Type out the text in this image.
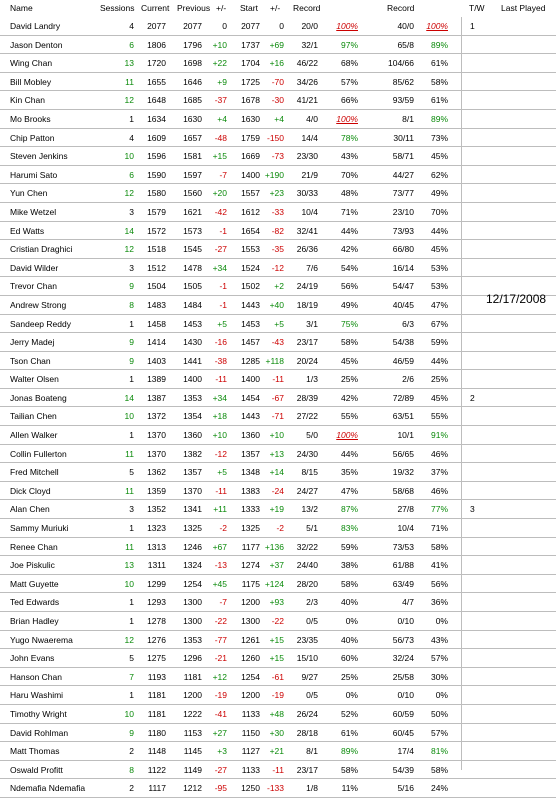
Name	Sessions Current Previous +/- Start +/- Record	Record	T/W Last Played
David Landry	4	2077	2077	0	2077	0	20/0	100%	40/0	100%	1
Jason Denton	6	1806	1796	+10	1737	+69	32/1	97%	65/8	89%
Wing Chan	13	1720	1698	+22	1704	+16	46/22	68%	104/66	61%
Bill Mobley	11	1655	1646	+9	1725	-70	34/26	57%	85/62	58%
Kin Chan	12	1648	1685	-37	1678	-30	41/21	66%	93/59	61%
Mo Brooks	1	1634	1630	+4	1630	+4	4/0	100%	8/1	89%
Chip Patton	4	1609	1657	-48	1759 -150	14/4	78%	30/11	73%
Steven Jenkins	10	1596	1581	+15	1669	-73	23/30	43%	58/71	45%
Harumi Sato	6	1590	1597	-7	1400 +190	21/9	70%	44/27	62%
Yun Chen	12	1580	1560	+20	1557	+23	30/33	48%	73/77	49%
Mike Wetzel	3	1579	1621	-42	1612	-33	10/4	71%	23/10	70%
Ed Watts	14	1572	1573	-1	1654	-82	32/41	44%	73/93	44%
Cristian Draghici	12	1518	1545	-27	1553	-35	26/36	42%	66/80	45%
David Wilder	3	1512	1478	+34	1524	-12	7/6	54%	16/14	53%
Trevor Chan	9	1504	1505	-1	1502	+2	24/19	56%	54/47	53%
Andrew Strong	8	1483	1484	-1	1443	+40	18/19	49%	40/45	47%
Sandeep Reddy	1	1458	1453	+5	1453	+5	3/1	75%	6/3	67%
Jerry Madej	9	1414	1430	-16	1457	-43	23/17	58%	54/38	59%
Tson Chan	9	1403	1441	-38	1285 +118	20/24	45%	46/59	44%
Walter Olsen	1	1389	1400	-11	1400	-11	1/3	25%	2/6	25%
Jonas Boateng	14	1387	1353	+34	1454	-67	28/39	42%	72/89	45%	2
Tailian Chen	10	1372	1354	+18	1443	-71	27/22	55%	63/51	55%
Allen Walker	1	1370	1360	+10	1360	+10	5/0	100%	10/1	91%
Collin Fullerton	11	1370	1382	-12	1357	+13	24/30	44%	56/65	46%
Fred Mitchell	5	1362	1357	+5	1348	+14	8/15	35%	19/32	37%
Dick Cloyd	11	1359	1370	-11	1383	-24	24/27	47%	58/68	46%
Alan Chen	3	1352	1341	+11	1333	+19	13/2	87%	27/8	77%	3
Sammy Muriuki	1	1323	1325	-2	1325	-2	5/1	83%	10/4	71%
Renee Chan	11	1313	1246	+67	1177 +136	32/22	59%	73/53	58%
Joe Piskulic	13	1311	1324	-13	1274	+37	24/40	38%	61/88	41%
Matt Guyette	10	1299	1254	+45	1175 +124	28/20	58%	63/49	56%
Ted Edwards	1	1293	1300	-7	1200	+93	2/3	40%	4/7	36%
Brian Hadley	1	1278	1300	-22	1300	-22	0/5	0%	0/10	0%
Yugo Nwaerema	12	1276	1353	-77	1261	+15	23/35	40%	56/73	43%
John Evans	5	1275	1296	-21	1260	+15	15/10	60%	32/24	57%
Hanson Chan	7	1193	1181	+12	1254	-61	9/27	25%	25/58	30%
Haru Washimi	1	1181	1200	-19	1200	-19	0/5	0%	0/10	0%
Timothy Wright	10	1181	1222	-41	1133	+48	26/24	52%	60/59	50%
David Rohlman	9	1180	1153	+27	1150	+30	28/18	61%	60/45	57%
Matt Thomas	2	1148	1145	+3	1127	+21	8/1	89%	17/4	81%
Oswald Profitt	8	1122	1149	-27	1133	-11	23/17	58%	54/39	58%
Ndemafia Ndemafia	2	1117	1212	-95	1250 -133	1/8	11%	5/16	24%
12/17/2008
